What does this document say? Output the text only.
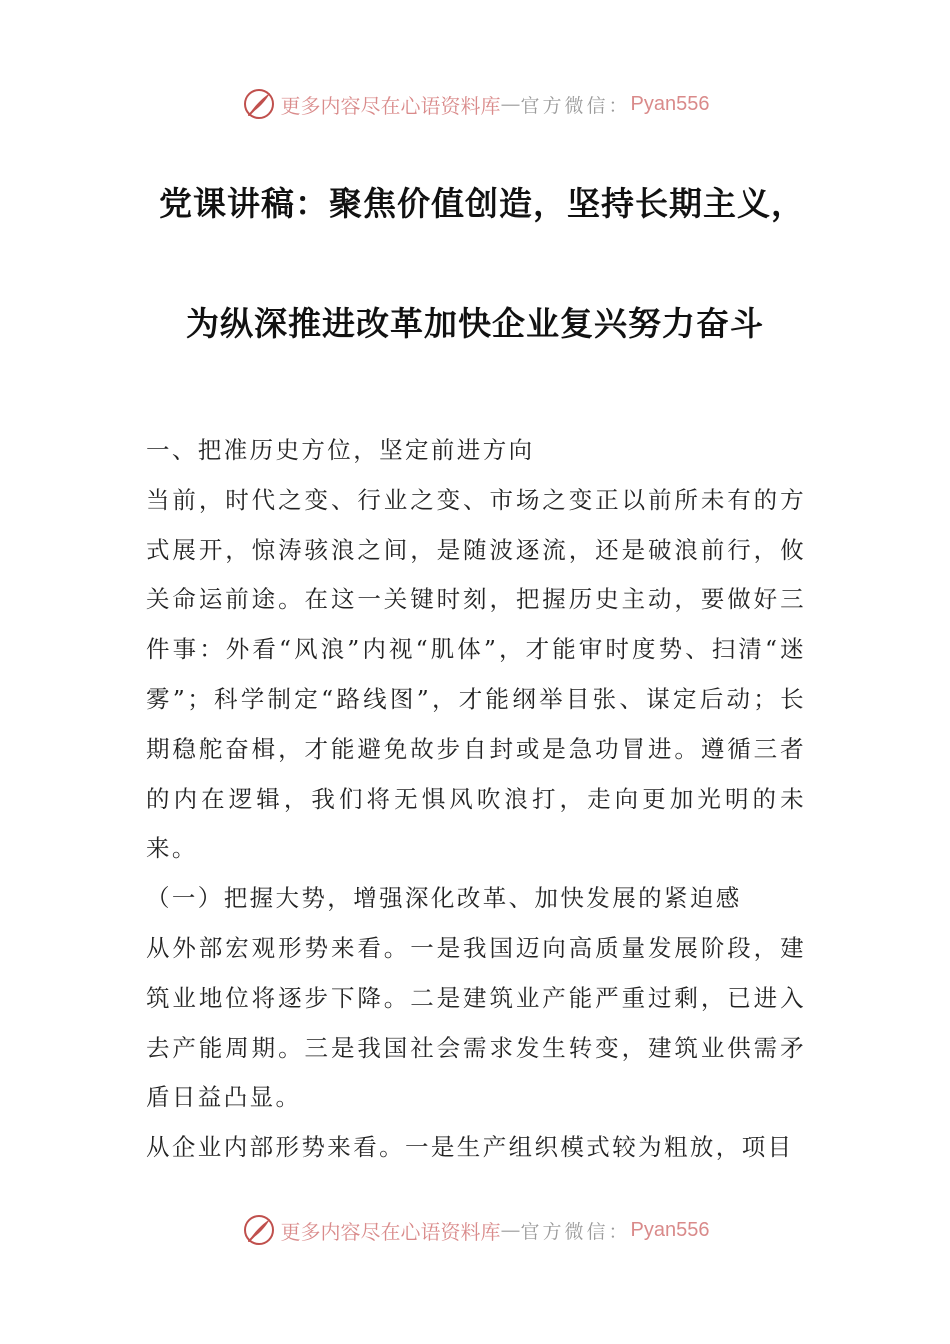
更多内容尽在心语资料库 — 官方微信： Pyan556
党课讲稿：聚焦价值创造，坚持长期主义，
为纵深推进改革加快企业复兴努力奋斗

一、把准历史方位，坚定前进方向

当前，时代之变、行业之变、市场之变正以前所未有的方式展开，惊涛骇浪之间，是随波逐流，还是破浪前行，攸关命运前途。在这一关键时刻，把握历史主动，要做好三件事：外看“风浪”内视“肌体”，才能审时度势、扫清“迷雾”；科学制定“路线图”，才能纲举目张、谋定后动；长期稳舵奋楫，才能避免故步自封或是急功冒进。遵循三者的内在逻辑，我们将无惧风吹浪打，走向更加光明的未来。

（一）把握大势，增强深化改革、加快发展的紧迫感

从外部宏观形势来看。一是我国迈向高质量发展阶段，建筑业地位将逐步下降。二是建筑业产能严重过剩，已进入去产能周期。三是我国社会需求发生转变，建筑业供需矛盾日益凸显。

从企业内部形势来看。一是生产组织模式较为粗放，项目

更多内容尽在心语资料库 — 官方微信： Pyan556
